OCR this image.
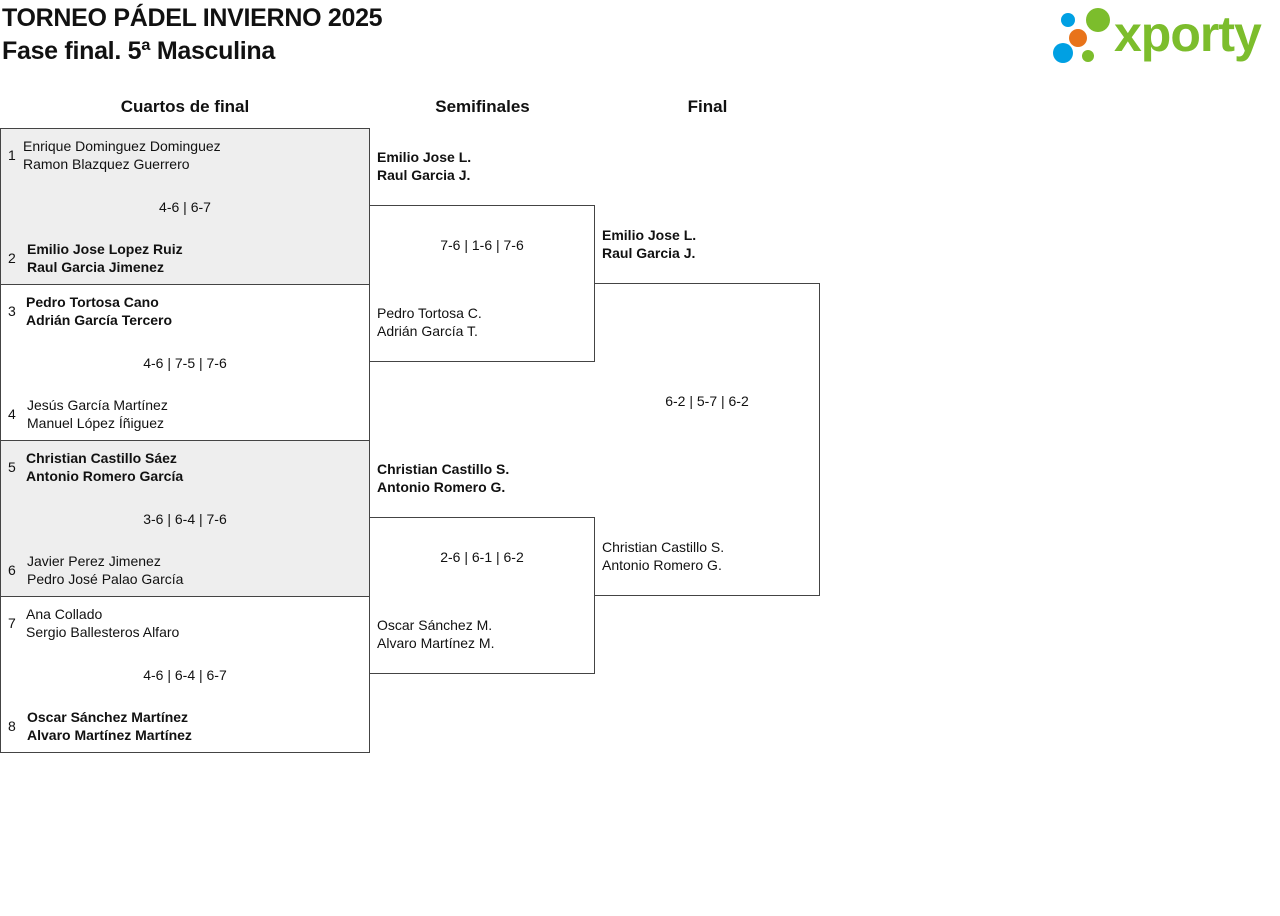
TORNEO PÁDEL INVIERNO 2025
Fase final. 5ª Masculina	xporty
Cuartos de final	Semifinales	Final
1
Enrique Dominguez Dominguez
Ramon Blazquez Guerrero
4-6 | 6-7
2
Emilio Jose Lopez Ruiz
Raul Garcia Jimenez
3
Pedro Tortosa Cano
Adrián García Tercero
4-6 | 7-5 | 7-6
4
Jesús García Martínez
Manuel López Íñiguez
5
Christian Castillo Sáez
Antonio Romero García
3-6 | 6-4 | 7-6
6
Javier Perez Jimenez
Pedro José Palao García
7
Ana Collado
Sergio Ballesteros Alfaro
4-6 | 6-4 | 6-7
8
Oscar Sánchez Martínez
Alvaro Martínez Martínez
Emilio Jose L.
Raul Garcia J.
7-6 | 1-6 | 7-6
Pedro Tortosa C.
Adrián García T.
Christian Castillo S.
Antonio Romero G.
2-6 | 6-1 | 6-2
Oscar Sánchez M.
Alvaro Martínez M.
Emilio Jose L.
Raul Garcia J.
6-2 | 5-7 | 6-2
Christian Castillo S.
Antonio Romero G.
